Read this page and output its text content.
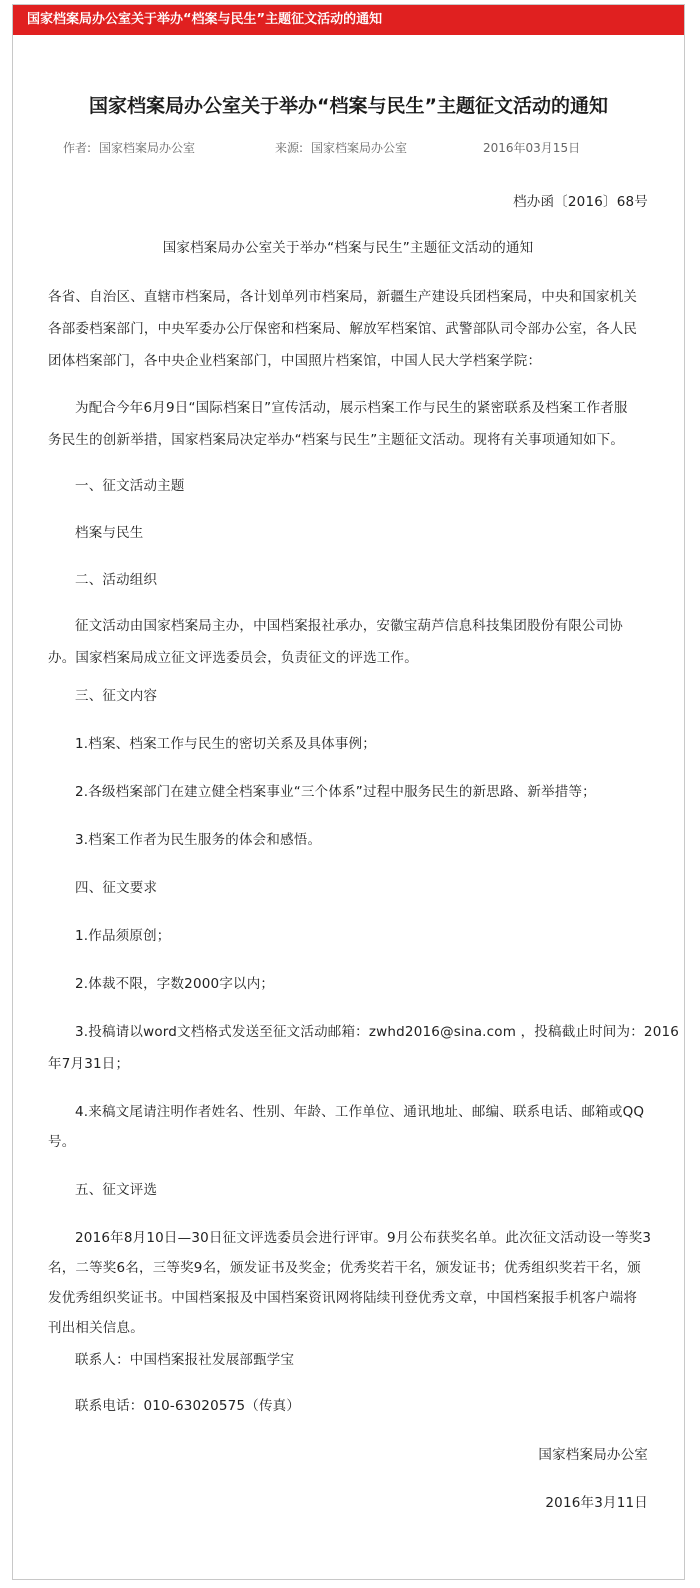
国家档案局办公室关于举办“档案与民生”主题征文活动的通知
国家档案局办公室关于举办“档案与民生”主题征文活动的通知
作者: 国家档案局办公室	来源: 国家档案局办公室	2016年03月15日
档办函〔2016〕68号
国家档案局办公室关于举办“档案与民生”主题征文活动的通知
各省、自治区、直辖市档案局，各计划单列市档案局，新疆生产建设兵团档案局，中央和国家机关
各部委档案部门，中央军委办公厅保密和档案局、解放军档案馆、武警部队司令部办公室，各人民
团体档案部门，各中央企业档案部门，中国照片档案馆，中国人民大学档案学院：
为配合今年6月9日“国际档案日”宣传活动，展示档案工作与民生的紧密联系及档案工作者服
务民生的创新举措，国家档案局决定举办“档案与民生”主题征文活动。现将有关事项通知如下。
一、征文活动主题
档案与民生
二、活动组织
征文活动由国家档案局主办，中国档案报社承办，安徽宝葫芦信息科技集团股份有限公司协
办。国家档案局成立征文评选委员会，负责征文的评选工作。
三、征文内容
1.档案、档案工作与民生的密切关系及具体事例；
2.各级档案部门在建立健全档案事业“三个体系”过程中服务民生的新思路、新举措等；
3.档案工作者为民生服务的体会和感悟。
四、征文要求
1.作品须原创；
2.体裁不限，字数2000字以内；
3.投稿请以word文档格式发送至征文活动邮箱：zwhd2016@sina.com ，投稿截止时间为：2016
年7月31日；
4.来稿文尾请注明作者姓名、性别、年龄、工作单位、通讯地址、邮编、联系电话、邮箱或QQ
号。
五、征文评选
2016年8月10日—30日征文评选委员会进行评审。9月公布获奖名单。此次征文活动设一等奖3
名，二等奖6名，三等奖9名，颁发证书及奖金；优秀奖若干名，颁发证书；优秀组织奖若干名，颁
发优秀组织奖证书。中国档案报及中国档案资讯网将陆续刊登优秀文章，中国档案报手机客户端将
刊出相关信息。
联系人：中国档案报社发展部甄学宝
联系电话：010-63020575（传真）
国家档案局办公室
2016年3月11日
